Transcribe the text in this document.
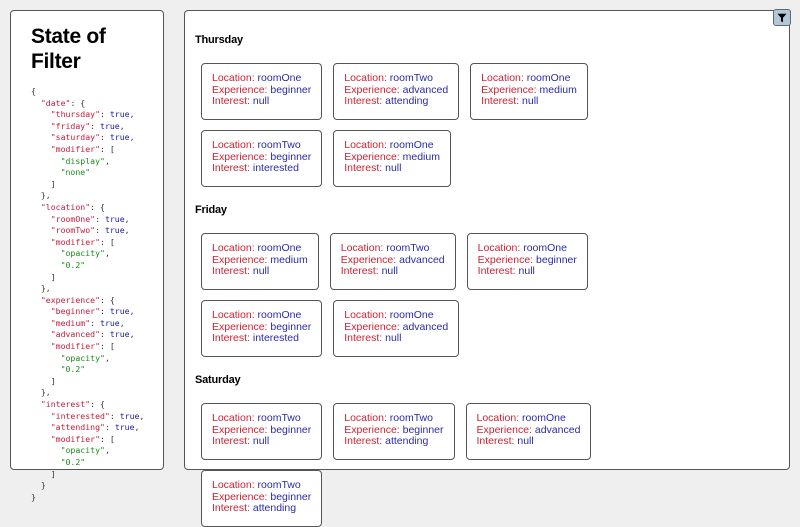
State of Filter
{
"date": {
"thursday": true,
"friday": true,
"saturday": true,
"modifier": [
"display",
"none"
]
},
"location": {
"roomOne": true,
"roomTwo": true,
"modifier": [
"opacity",
"0.2"
]
},
"experience": {
"beginner": true,
"medium": true,
"advanced": true,
"modifier": [
"opacity",
"0.2"
]
},
"interest": {
"interested": true,
"attending": true,
"modifier": [
"opacity",
"0.2"
]
}
}
Thursday
Location: roomOne
Experience: beginner
Interest: null
Location: roomTwo
Experience: advanced
Interest: attending
Location: roomOne
Experience: medium
Interest: null
Location: roomTwo
Experience: beginner
Interest: interested
Location: roomOne
Experience: medium
Interest: null
Friday
Location: roomOne
Experience: medium
Interest: null
Location: roomTwo
Experience: advanced
Interest: null
Location: roomOne
Experience: beginner
Interest: null
Location: roomOne
Experience: beginner
Interest: interested
Location: roomOne
Experience: advanced
Interest: null
Saturday
Location: roomTwo
Experience: beginner
Interest: null
Location: roomTwo
Experience: beginner
Interest: attending
Location: roomOne
Experience: advanced
Interest: null
Location: roomTwo
Experience: beginner
Interest: attending
